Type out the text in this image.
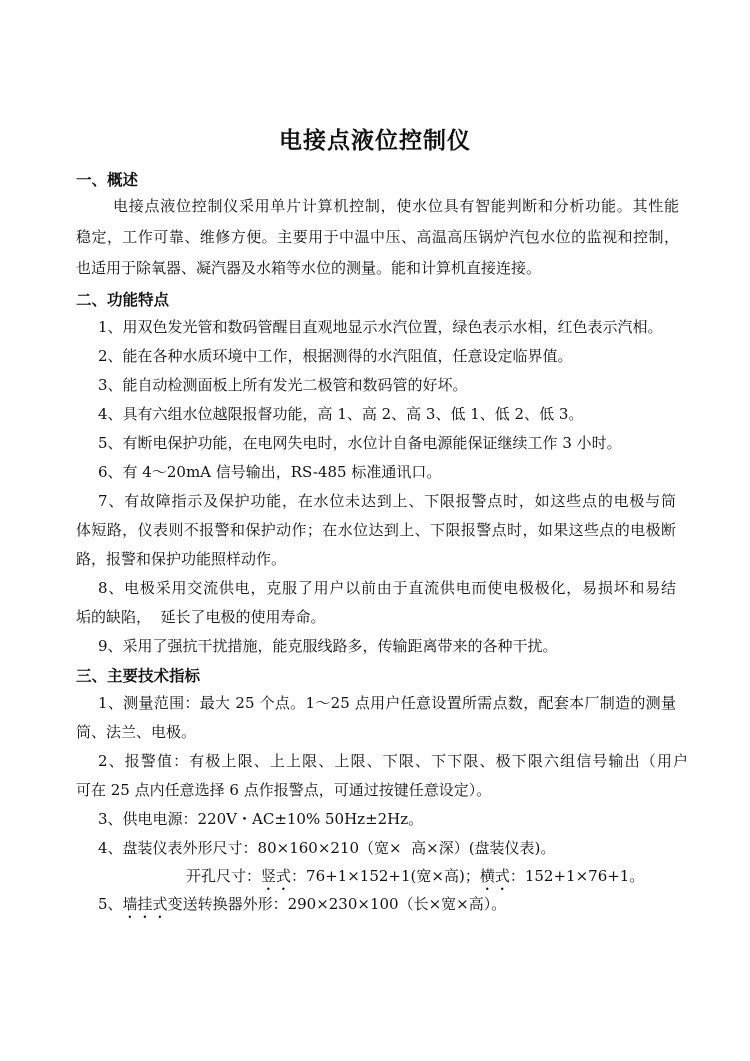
电接点液位控制仪
一、概述

电接点液位控制仪采用单片计算机控制，使水位具有智能判断和分析功能。其性能

稳定，工作可靠、维修方便。主要用于中温中压、高温高压锅炉汽包水位的监视和控制，

也适用于除氧器、凝汽器及水箱等水位的测量。能和计算机直接连接。

二、功能特点

1、用双色发光管和数码管醒目直观地显示水汽位置，绿色表示水相，红色表示汽相。

2、能在各种水质环境中工作，根据测得的水汽阻值，任意设定临界值。

3、能自动检测面板上所有发光二极管和数码管的好坏。

4、具有六组水位越限报督功能，高 1、高 2、高 3、低 1、低 2、低 3。

5、有断电保护功能，在电网失电时，水位计自备电源能保证继续工作 3 小时。

6、有 4～20mA 信号输出，RS-485 标准通讯口。

7、有故障指示及保护功能，在水位未达到上、下限报警点时，如这些点的电极与筒

体短路，仪表则不报警和保护动作；在水位达到上、下限报警点时，如果这些点的电极断

路，报警和保护功能照样动作。

8、电极采用交流供电，克服了用户以前由于直流供电而使电极极化，易损坏和易结

垢的缺陷，  延长了电极的使用寿命。

9、采用了强抗干扰措施，能克服线路多，传输距离带来的各种干扰。

三、主要技术指标

1、测量范围：最大 25 个点。1～25 点用户任意设置所需点数，配套本厂制造的测量

筒、法兰、电极。

2、报警值：有极上限、上上限、上限、下限、下下限、极下限六组信号输出（用户

可在 25 点内任意选择 6 点作报警点，可通过按键任意设定）。

3、供电电源：220V・AC±10% 50Hz±2Hz。

4、盘装仪表外形尺寸：80×160×210（宽×  高×深）(盘装仪表)。

开孔尺寸：竖式：76+1×152+1(宽×高)；横式：152+1×76+1。

5、墙挂式变送转换器外形：290×230×100（长×宽×高）。
